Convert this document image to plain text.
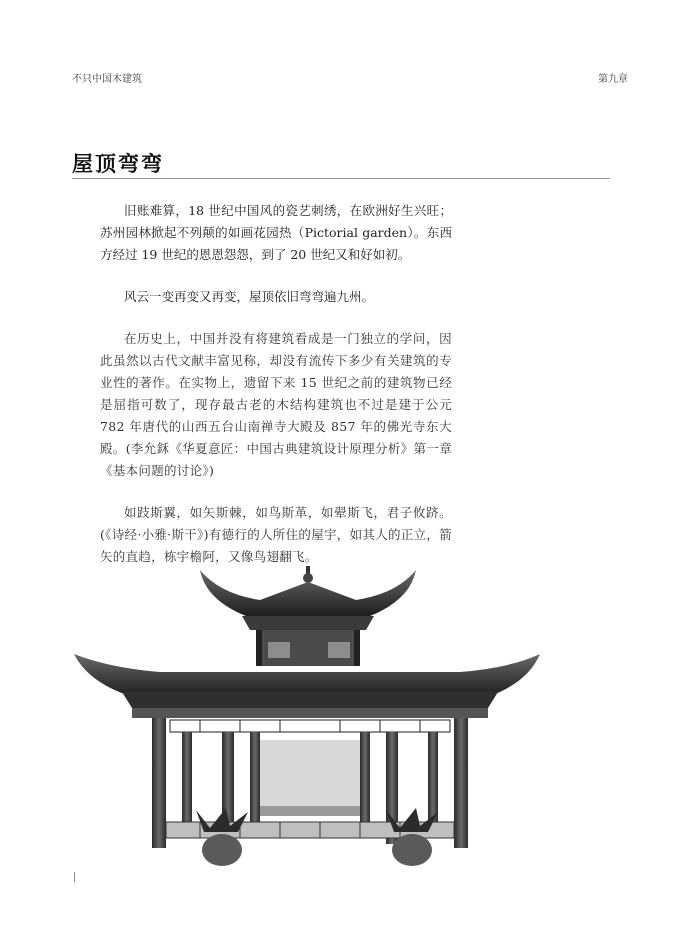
不只中国木建筑	第九章
屋顶弯弯

旧账难算，18 世纪中国风的瓷艺刺绣，在欧洲好生兴旺；苏州园林掀起不列颠的如画花园热（Pictorial garden）。东西方经过 19 世纪的恩恩怨怨，到了 20 世纪又和好如初。

风云一变再变又再变，屋顶依旧弯弯遍九州。

在历史上，中国并没有将建筑看成是一门独立的学问，因此虽然以古代文献丰富见称，却没有流传下多少有关建筑的专业性的著作。在实物上，遗留下来 15 世纪之前的建筑物已经是屈指可数了，现存最古老的木结构建筑也不过是建于公元 782 年唐代的山西五台山南禅寺大殿及 857 年的佛光寺东大殿。(李允鉌《华夏意匠：中国古典建筑设计原理分析》第一章《基本问题的讨论》)

如跂斯翼，如矢斯棘，如鸟斯革，如翚斯飞，君子攸跻。(《诗经·小雅·斯干》)有德行的人所住的屋宇，如其人的正立，箭矢的直趋，栋宇檐阿，又像鸟翅翻飞。
